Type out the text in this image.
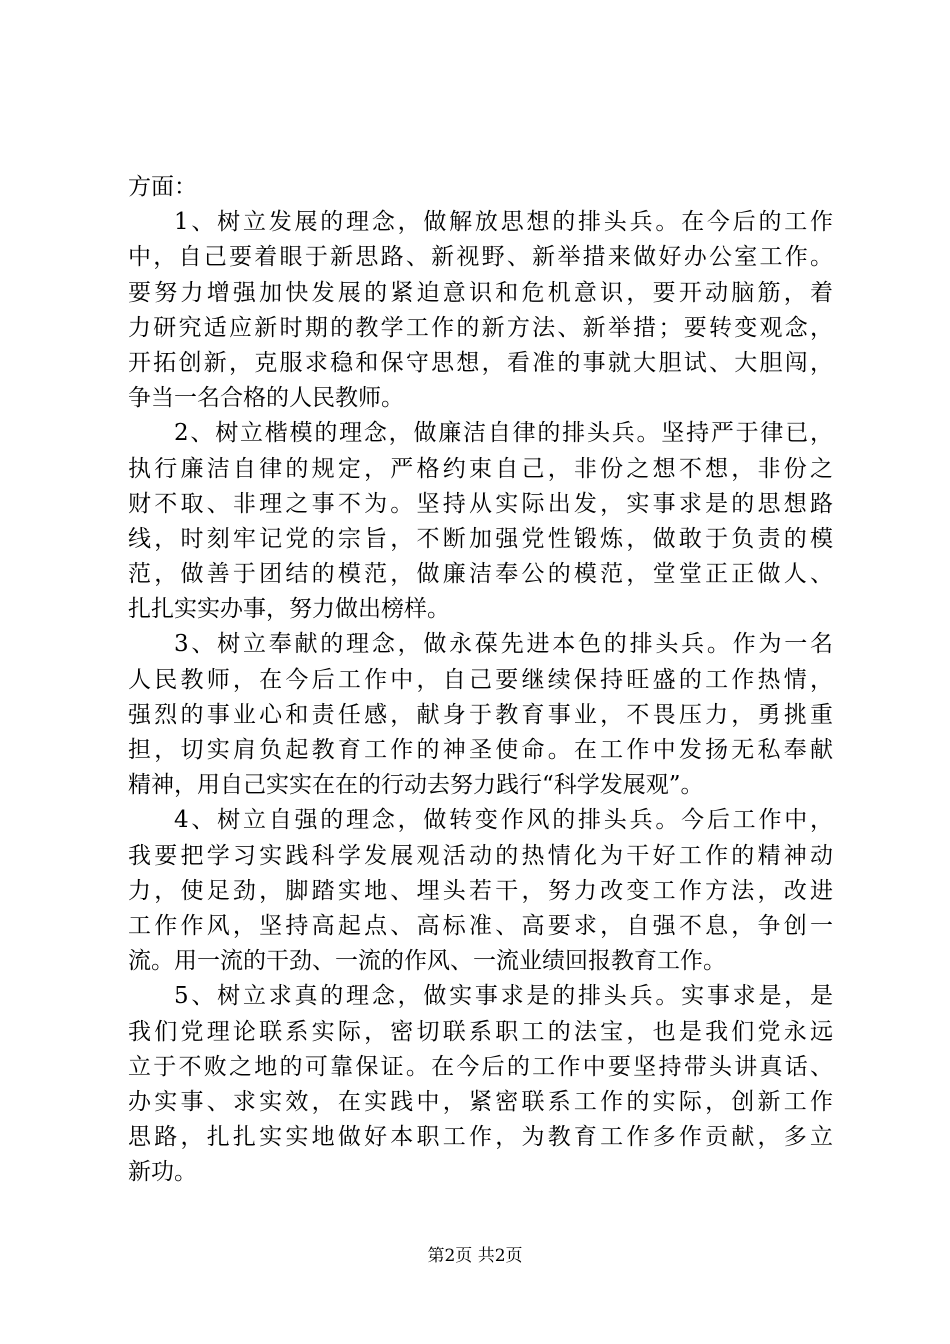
方面：
1、树立发展的理念，做解放思想的排头兵。在今后的工作
中，自己要着眼于新思路、新视野、新举措来做好办公室工作。
要努力增强加快发展的紧迫意识和危机意识，要开动脑筋，着
力研究适应新时期的教学工作的新方法、新举措；要转变观念，
开拓创新，克服求稳和保守思想，看准的事就大胆试、大胆闯，
争当一名合格的人民教师。
2、树立楷模的理念，做廉洁自律的排头兵。坚持严于律已，
执行廉洁自律的规定，严格约束自己，非份之想不想，非份之
财不取、非理之事不为。坚持从实际出发，实事求是的思想路
线，时刻牢记党的宗旨，不断加强党性锻炼，做敢于负责的模
范，做善于团结的模范，做廉洁奉公的模范，堂堂正正做人、
扎扎实实办事，努力做出榜样。
3、树立奉献的理念，做永葆先进本色的排头兵。作为一名
人民教师，在今后工作中，自己要继续保持旺盛的工作热情，
强烈的事业心和责任感，献身于教育事业，不畏压力，勇挑重
担，切实肩负起教育工作的神圣使命。在工作中发扬无私奉献
精神，用自己实实在在的行动去努力践行“科学发展观”。
4、树立自强的理念，做转变作风的排头兵。今后工作中，
我要把学习实践科学发展观活动的热情化为干好工作的精神动
力，使足劲，脚踏实地、埋头若干，努力改变工作方法，改进
工作作风，坚持高起点、高标准、高要求，自强不息，争创一
流。用一流的干劲、一流的作风、一流业绩回报教育工作。
5、树立求真的理念，做实事求是的排头兵。实事求是，是
我们党理论联系实际，密切联系职工的法宝，也是我们党永远
立于不败之地的可靠保证。在今后的工作中要坚持带头讲真话、
办实事、求实效，在实践中，紧密联系工作的实际，创新工作
思路，扎扎实实地做好本职工作，为教育工作多作贡献，多立
新功。
第2页 共2页
